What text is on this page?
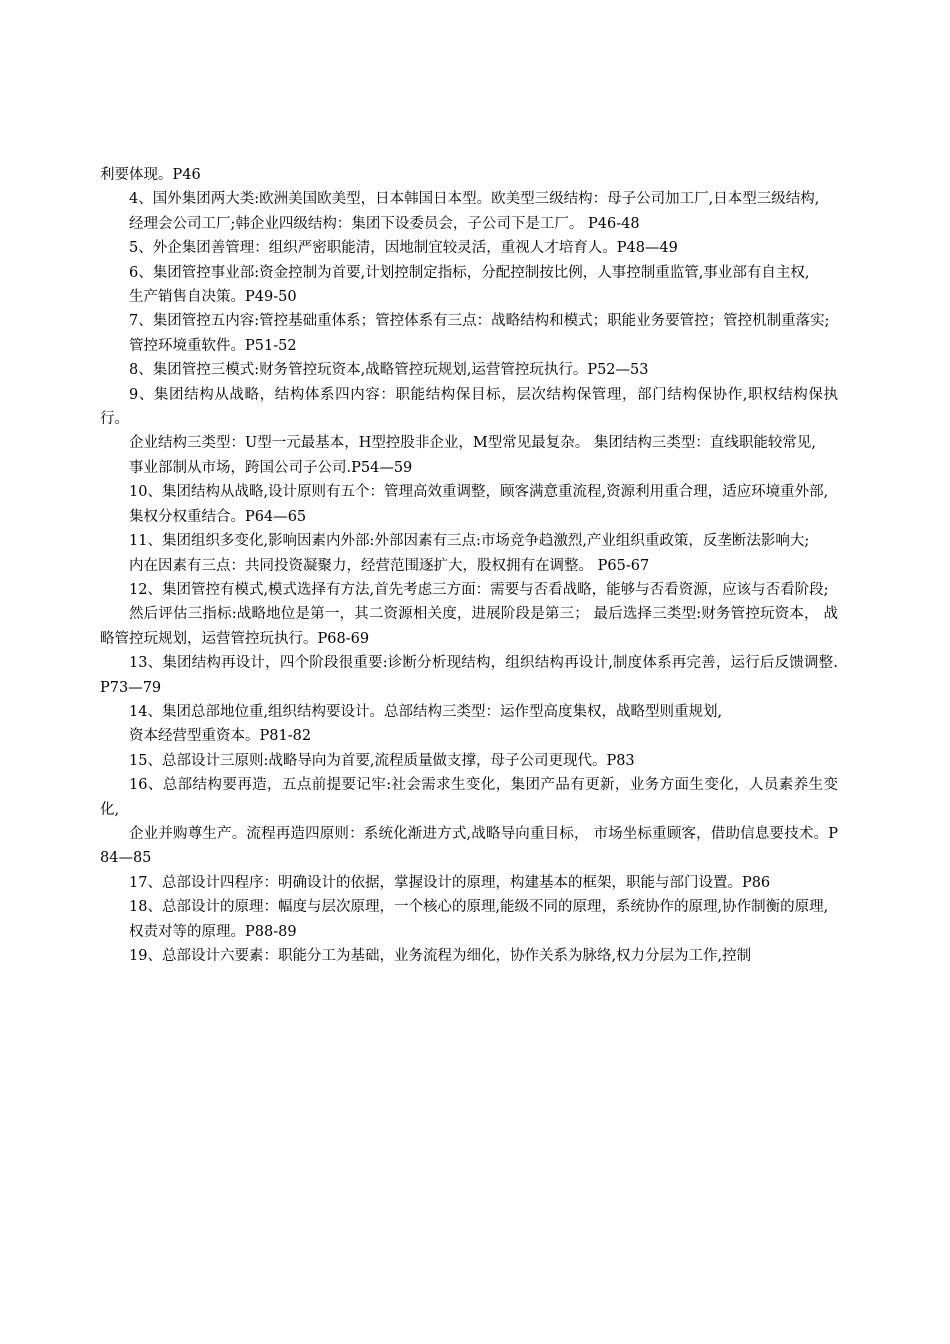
利要体现。P46

4、国外集团两大类:欧洲美国欧美型，日本韩国日本型。欧美型三级结构：母子公司加工厂,日本型三级结构,

经理会公司工厂;韩企业四级结构：集团下设委员会，子公司下是工厂。 P46-48

5、外企集团善管理：组织严密职能清，因地制宜较灵活，重视人才培育人。P48—49

6、集团管控事业部:资金控制为首要,计划控制定指标，分配控制按比例，人事控制重监管,事业部有自主权,

生产销售自决策。P49-50

7、集团管控五内容:管控基础重体系；管控体系有三点：战略结构和模式；职能业务要管控；管控机制重落实;

管控环境重软件。P51-52

8、集团管控三模式:财务管控玩资本,战略管控玩规划,运营管控玩执行。P52—53

9、集团结构从战略，结构体系四内容：职能结构保目标，层次结构保管理，部门结构保协作,职权结构保执行。

企业结构三类型：U型一元最基本，H型控股非企业，M型常见最复杂。 集团结构三类型：直线职能较常见,

事业部制从市场，跨国公司子公司.P54—59

10、集团结构从战略,设计原则有五个：管理高效重调整，顾客满意重流程,资源利用重合理，适应环境重外部,

集权分权重结合。P64—65

11、集团组织多变化,影响因素内外部:外部因素有三点:市场竞争趋激烈,产业组织重政策，反垄断法影响大;

内在因素有三点：共同投资凝聚力，经营范围逐扩大，股权拥有在调整。 P65-67

12、集团管控有模式,模式选择有方法,首先考虑三方面：需要与否看战略，能够与否看资源，应该与否看阶段;

然后评估三指标:战略地位是第一，其二资源相关度，进展阶段是第三； 最后选择三类型:财务管控玩资本， 战略管控玩规划，运营管控玩执行。P68-69

13、集团结构再设计，四个阶段很重要:诊断分析现结构，组织结构再设计,制度体系再完善，运行后反馈调整.P73—79

14、集团总部地位重,组织结构要设计。总部结构三类型：运作型高度集权，战略型则重规划,

资本经营型重资本。P81-82

15、总部设计三原则:战略导向为首要,流程质量做支撑，母子公司更现代。P83

16、总部结构要再造，五点前提要记牢:社会需求生变化，集团产品有更新，业务方面生变化，人员素养生变化,

企业并购尊生产。流程再造四原则：系统化渐进方式,战略导向重目标， 市场坐标重顾客，借助信息要技术。P84—85

17、总部设计四程序：明确设计的依据，掌握设计的原理，构建基本的框架，职能与部门设置。P86

18、总部设计的原理：幅度与层次原理，一个核心的原理,能级不同的原理，系统协作的原理,协作制衡的原理,

权责对等的原理。P88-89

19、总部设计六要素：职能分工为基础，业务流程为细化，协作关系为脉络,权力分层为工作,控制
